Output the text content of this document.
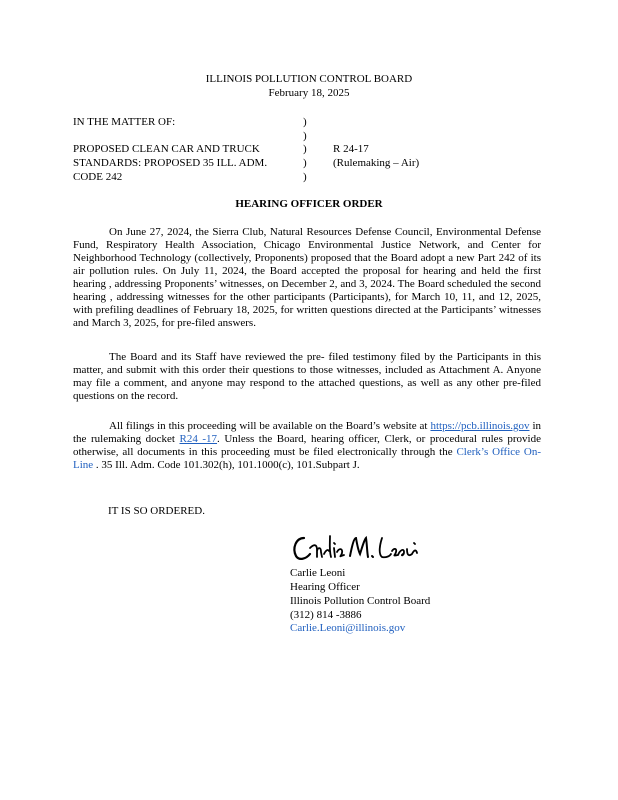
ILLINOIS POLLUTION CONTROL BOARD
February 18, 2025
IN THE MATTER OF:
PROPOSED CLEAN CAR AND TRUCK
STANDARDS: PROPOSED 35 ILL. ADM.
CODE 242
)
)
)
)
)
R 24-17
(Rulemaking – Air)
HEARING OFFICER ORDER

On June 27, 2024, the Sierra Club, Natural Resources Defense Council, Environmental Defense Fund, Respiratory Health Association, Chicago Environmental Justice Network, and Center for Neighborhood Technology (collectively, Proponents) proposed that the Board adopt a new Part 242 of its air pollution rules. On July 11, 2024, the Board accepted the proposal for hearing and held the first hearing , addressing Proponents’ witnesses, on December 2, and 3, 2024. The Board scheduled the second hearing , addressing witnesses for the other participants (Participants), for March 10, 11, and 12, 2025, with prefiling deadlines of February 18, 2025, for written questions directed at the Participants’ witnesses and March 3, 2025, for pre-filed answers.

The Board and its Staff have reviewed the pre- filed testimony filed by the Participants in this matter, and submit with this order their questions to those witnesses, included as Attachment A. Anyone may file a comment, and anyone may respond to the attached questions, as well as any other pre-filed questions on the record.

All filings in this proceeding will be available on the Board’s website at https://pcb.illinois.gov in the rulemaking docket R24 -17. Unless the Board, hearing officer, Clerk, or procedural rules provide otherwise, all documents in this proceeding must be filed electronically through the Clerk’s Office On-Line . 35 Ill. Adm. Code 101.302(h), 101.1000(c), 101.Subpart J.

IT IS SO ORDERED.
Carlie Leoni
Hearing Officer
Illinois Pollution Control Board
(312) 814 -3886
Carlie.Leoni@illinois.gov
